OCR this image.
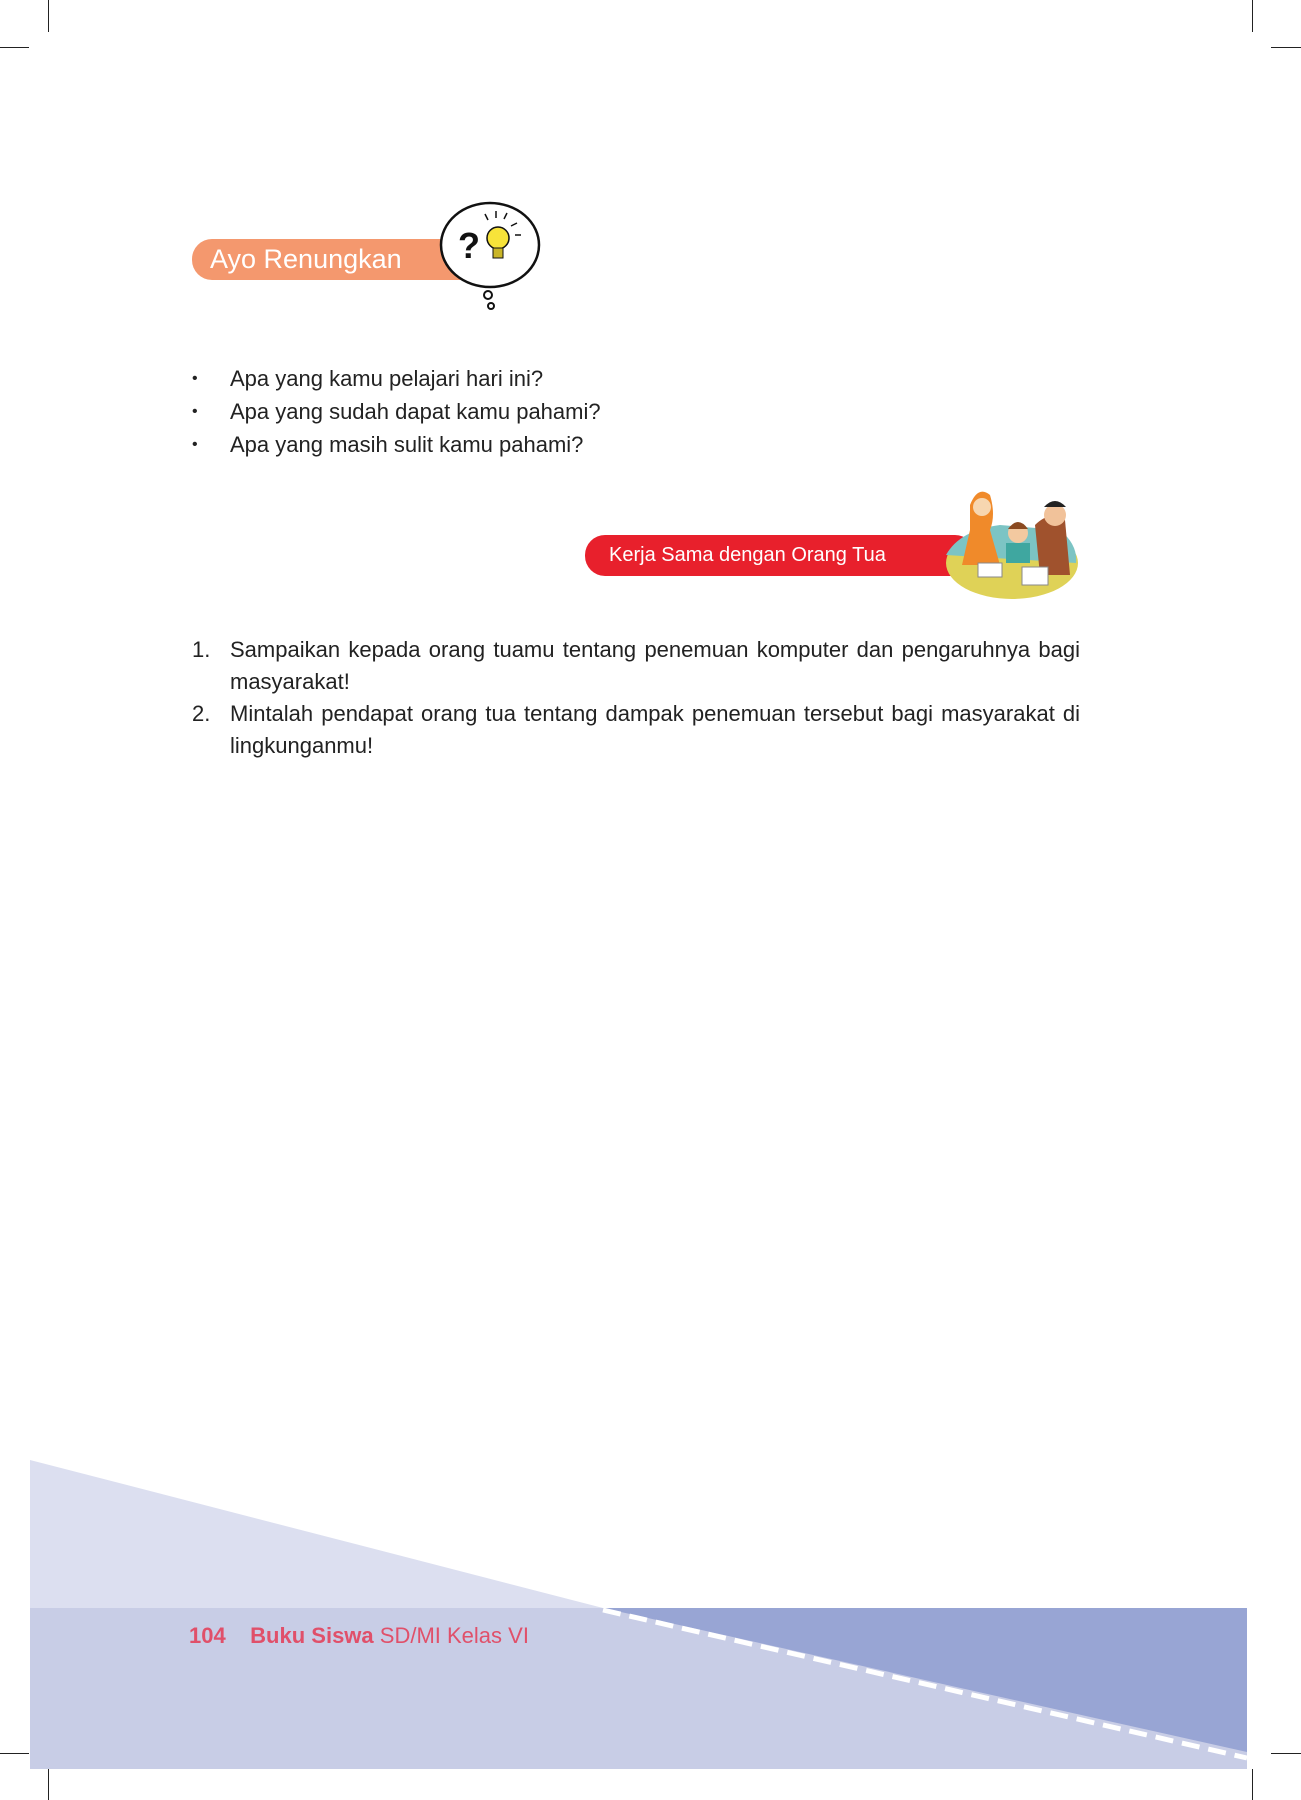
Ayo Renungkan	?
• Apa yang kamu pelajari hari ini?
• Apa yang sudah dapat kamu pahami?
• Apa yang masih sulit kamu pahami?
Kerja Sama dengan Orang Tua
1. Sampaikan kepada orang tuamu tentang penemuan komputer dan pengaruhnya bagi masyarakat!
2. Mintalah pendapat orang tua tentang dampak penemuan tersebut bagi masyarakat di lingkunganmu!
104 Buku Siswa SD/MI Kelas VI
